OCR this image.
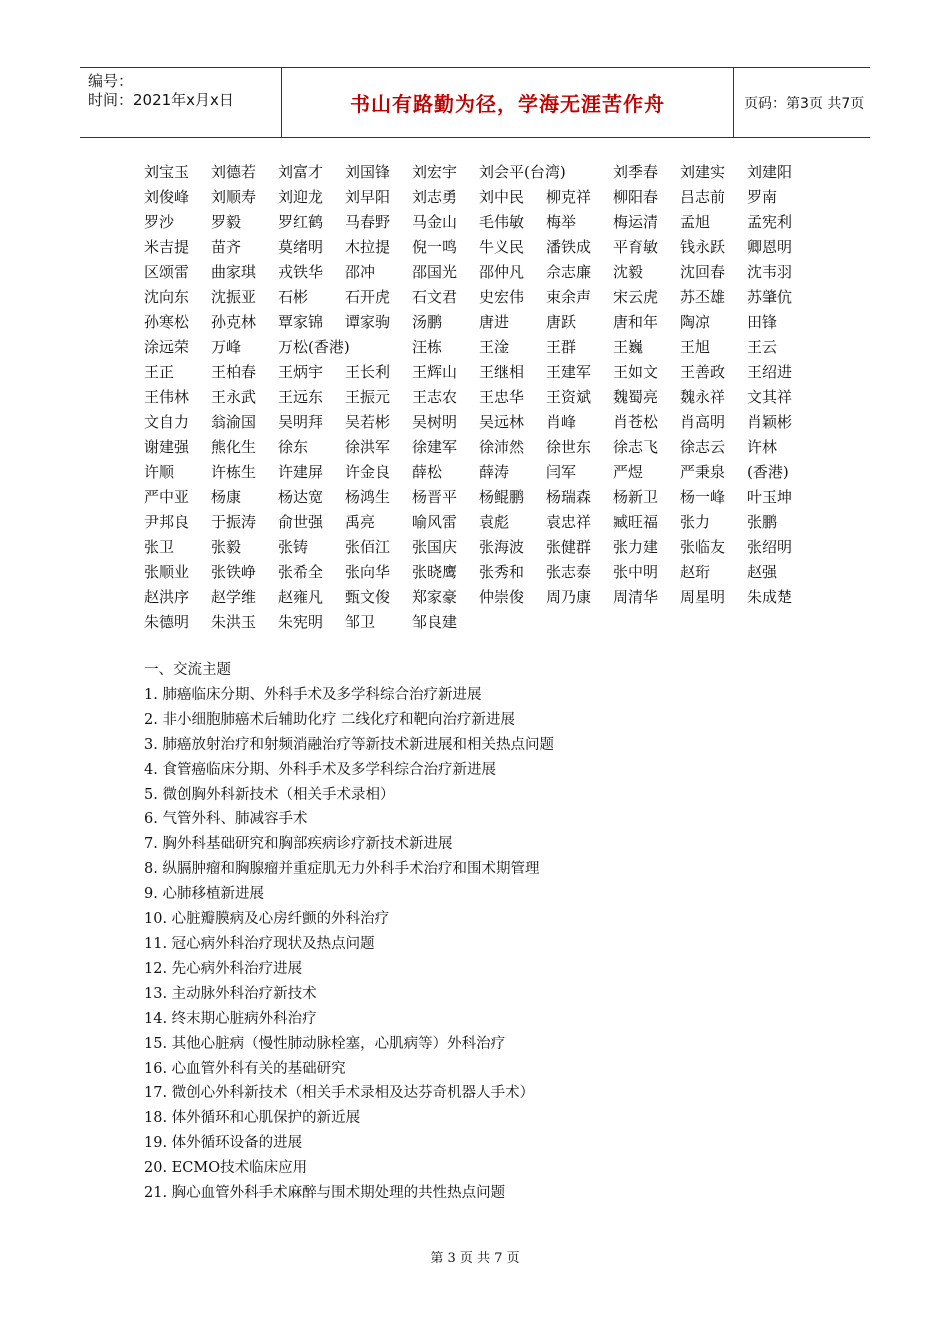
编号：
时间：2021年x月x日	书山有路勤为径，学海无涯苦作舟	页码：第3页 共7页
刘宝玉	刘德若	刘富才	刘国锋	刘宏宇	刘会平(台湾)	刘季春	刘建实	刘建阳
刘俊峰	刘顺寿	刘迎龙	刘早阳	刘志勇	刘中民	柳克祥	柳阳春	吕志前	罗南
罗沙	罗毅	罗红鹤	马春野	马金山	毛伟敏	梅举	梅运清	孟旭	孟宪利
米吉提	苗齐	莫绪明	木拉提	倪一鸣	牛义民	潘铁成	平育敏	钱永跃	卿恩明
区颂雷	曲家琪	戎铁华	邵冲	邵国光	邵仲凡	佘志廉	沈毅	沈回春	沈韦羽
沈向东	沈振亚	石彬	石开虎	石文君	史宏伟	束余声	宋云虎	苏丕雄	苏肇伉
孙寒松	孙克林	覃家锦	谭家驹	汤鹏	唐进	唐跃	唐和年	陶凉	田锋
涂远荣	万峰	万松(香港)	汪栋	王淦	王群	王巍	王旭	王云
王正	王柏春	王炳宇	王长利	王辉山	王继相	王建军	王如文	王善政	王绍进
王伟林	王永武	王远东	王振元	王志农	王忠华	王资斌	魏蜀亮	魏永祥	文其祥
文自力	翁渝国	吴明拜	吴若彬	吴树明	吴远林	肖峰	肖苍松	肖高明	肖颖彬
谢建强	熊化生	徐东	徐洪军	徐建军	徐沛然	徐世东	徐志飞	徐志云	许林
许顺	许栋生	许建屏	许金良	薛松	薛涛	闫军	严煜	严秉泉	(香港)
严中亚	杨康	杨达宽	杨鸿生	杨晋平	杨鲲鹏	杨瑞森	杨新卫	杨一峰	叶玉坤
尹邦良	于振涛	俞世强	禹亮	喻风雷	袁彪	袁忠祥	臧旺福	张力	张鹏
张卫	张毅	张铸	张佰江	张国庆	张海波	张健群	张力建	张临友	张绍明
张顺业	张铁峥	张希全	张向华	张晓鹰	张秀和	张志泰	张中明	赵珩	赵强
赵洪序	赵学维	赵雍凡	甄文俊	郑家豪	仲崇俊	周乃康	周清华	周星明	朱成楚
朱德明	朱洪玉	朱宪明	邹卫	邹良建
一、交流主题
1. 肺癌临床分期、外科手术及多学科综合治疗新进展
2. 非小细胞肺癌术后辅助化疗 二线化疗和靶向治疗新进展
3. 肺癌放射治疗和射频消融治疗等新技术新进展和相关热点问题
4. 食管癌临床分期、外科手术及多学科综合治疗新进展
5. 微创胸外科新技术（相关手术录相）
6. 气管外科、肺减容手术
7. 胸外科基础研究和胸部疾病诊疗新技术新进展
8. 纵膈肿瘤和胸腺瘤并重症肌无力外科手术治疗和围术期管理
9. 心肺移植新进展
10. 心脏瓣膜病及心房纤颤的外科治疗
11. 冠心病外科治疗现状及热点问题
12. 先心病外科治疗进展
13. 主动脉外科治疗新技术
14. 终末期心脏病外科治疗
15. 其他心脏病（慢性肺动脉栓塞，心肌病等）外科治疗
16. 心血管外科有关的基础研究
17. 微创心外科新技术（相关手术录相及达芬奇机器人手术）
18. 体外循环和心肌保护的新近展
19. 体外循环设备的进展
20. ECMO技术临床应用
21. 胸心血管外科手术麻醉与围术期处理的共性热点问题
第 3 页 共 7 页
